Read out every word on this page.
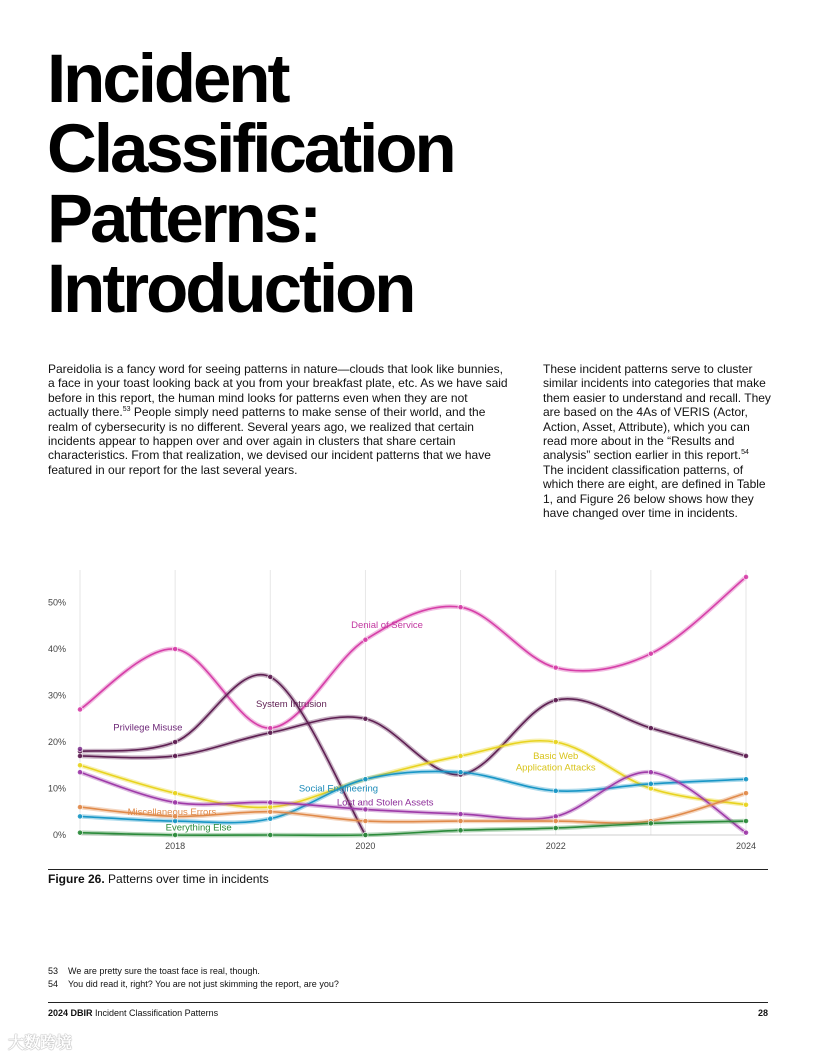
Incident
Classification
Patterns:
Introduction

Pareidolia is a fancy word for seeing patterns in nature—clouds that look like bunnies, a face in your toast looking back at you from your breakfast plate, etc. As we have said before in this report, the human mind looks for patterns even when they are not actually there.$^{53}$ People simply need patterns to make sense of their world, and the realm of cybersecurity is no different. Several years ago, we realized that certain incidents appear to happen over and over again in clusters that share certain characteristics. From that realization, we devised our incident patterns that we have featured in our report for the last several years.

These incident patterns serve to cluster similar incidents into categories that make them easier to understand and recall. They are based on the 4As of VERIS (Actor, Action, Asset, Attribute), which you can read more about in the “Results and analysis” section earlier in this report.$^{54}$ The incident classification patterns, of which there are eight, are defined in Table 1, and Figure 26 below shows how they have changed over time in incidents.

0%
10%
20%
30%
40%
50%
2018	2020	2022	2024
Denial of Service
System Intrusion
Privilege Misuse
Basic Web
Application Attacks
Social Engineering
Lost and Stolen Assets
Miscellaneous Errors
Everything Else
Figure 26. Patterns over time in incidents
53 We are pretty sure the toast face is real, though.
54 You did read it, right? You are not just skimming the report, are you?
2024 DBIR Incident Classification Patterns	28
大数跨境
